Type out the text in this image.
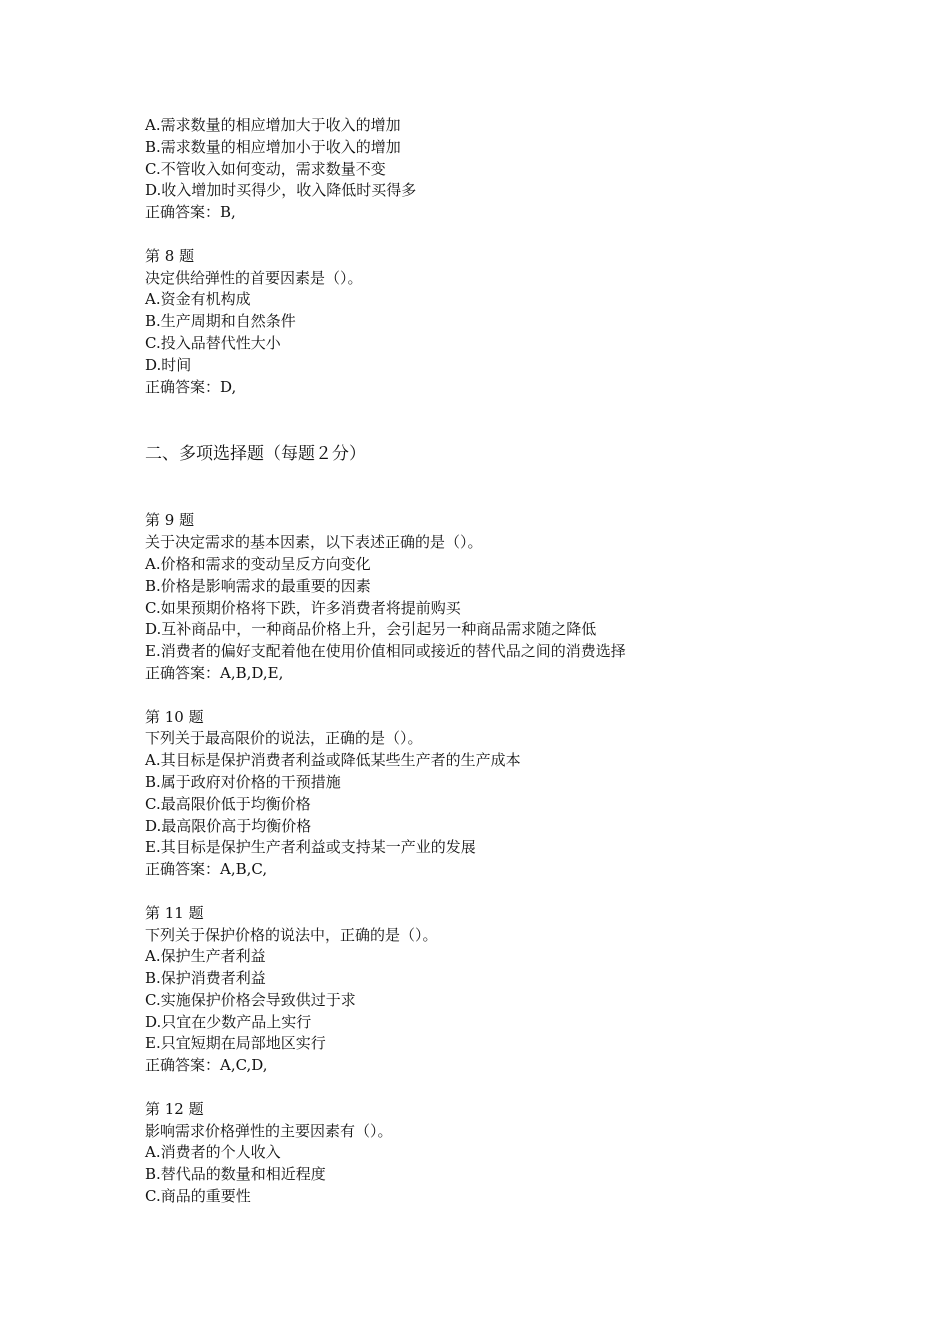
A.需求数量的相应增加大于收入的增加
B.需求数量的相应增加小于收入的增加
C.不管收入如何变动，需求数量不变
D.收入增加时买得少，收入降低时买得多
正确答案：B,
第 8 题
决定供给弹性的首要因素是（）。
A.资金有机构成
B.生产周期和自然条件
C.投入品替代性大小
D.时间
正确答案：D,
二、多项选择题（每题２分）
第 9 题
关于决定需求的基本因素，以下表述正确的是（）。
A.价格和需求的变动呈反方向变化
B.价格是影响需求的最重要的因素
C.如果预期价格将下跌，许多消费者将提前购买
D.互补商品中，一种商品价格上升，会引起另一种商品需求随之降低
E.消费者的偏好支配着他在使用价值相同或接近的替代品之间的消费选择
正确答案：A,B,D,E,
第 10 题
下列关于最高限价的说法，正确的是（）。
A.其目标是保护消费者利益或降低某些生产者的生产成本
B.属于政府对价格的干预措施
C.最高限价低于均衡价格
D.最高限价高于均衡价格
E.其目标是保护生产者利益或支持某一产业的发展
正确答案：A,B,C,
第 11 题
下列关于保护价格的说法中，正确的是（）。
A.保护生产者利益
B.保护消费者利益
C.实施保护价格会导致供过于求
D.只宜在少数产品上实行
E.只宜短期在局部地区实行
正确答案：A,C,D,
第 12 题
影响需求价格弹性的主要因素有（）。
A.消费者的个人收入
B.替代品的数量和相近程度
C.商品的重要性
